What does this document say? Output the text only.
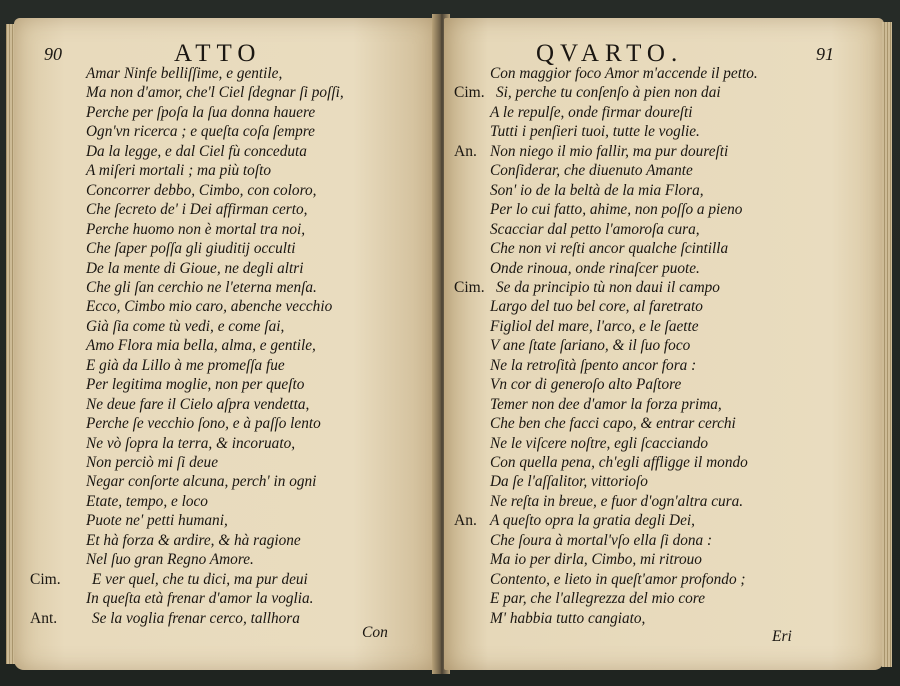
90	ATTO
Amar Ninfe belliſſime, e gentile,
Ma non d'amor, che'l Ciel ſdegnar ſi poſſi,
Perche per ſpoſa la ſua donna hauere
Ogn'vn ricerca ; e queſta coſa ſempre
Da la legge, e dal Ciel fù conceduta
A miſeri mortali ; ma più toſto
Concorrer debbo, Cimbo, con coloro,
Che ſecreto de' i Dei affirman certo,
Perche huomo non è mortal tra noi,
Che ſaper poſſa gli giuditij occulti
De la mente di Gioue, ne degli altri
Che gli ſan cerchio ne l'eterna menſa.
Ecco, Cimbo mio caro, abenche vecchio
Già ſia come tù vedi, e come ſai,
Amo Flora mia bella, alma, e gentile,
E già da Lillo à me promeſſa fue
Per legitima moglie, non per queſto
Ne deue fare il Cielo aſpra vendetta,
Perche ſe vecchio ſono, e à paſſo lento
Ne vò ſopra la terra, & incoruato,
Non perciò mi ſi deue
Negar conſorte alcuna, perch' in ogni
Etate, tempo, e loco
Puote ne' petti humani,
Et hà forza & ardire, & hà ragione
Nel ſuo gran Regno Amore.
Cim. E ver quel, che tu dici, ma pur deui
In queſta età frenar d'amor la voglia.
Ant. Se la voglia frenar cerco, tallhora
Con
QVARTO.	91
Con maggior foco Amor m'accende il petto.
Cim. Si, perche tu conſenſo à pien non dai
A le repulſe, onde firmar doureſti
Tutti i penſieri tuoi, tutte le voglie.
An. Non niego il mio fallir, ma pur doureſti
Conſiderar, che diuenuto Amante
Son' io de la beltà de la mia Flora,
Per lo cui fatto, ahime, non poſſo a pieno
Scacciar dal petto l'amoroſa cura,
Che non vi reſti ancor qualche ſcintilla
Onde rinoua, onde rinaſcer puote.
Cim. Se da principio tù non daui il campo
Largo del tuo bel core, al faretrato
Figliol del mare, l'arco, e le ſaette
V ane ſtate ſariano, & il ſuo foco
Ne la retroſità ſpento ancor fora :
Vn cor di generoſo alto Paſtore
Temer non dee d'amor la forza prima,
Che ben che facci capo, & entrar cerchi
Ne le viſcere noſtre, egli ſcacciando
Con quella pena, ch'egli affligge il mondo
Da ſe l'aſſalitor, vittorioſo
Ne reſta in breue, e fuor d'ogn'altra cura.
An. A queſto opra la gratia degli Dei,
Che ſoura à mortal'vſo ella ſi dona :
Ma io per dirla, Cimbo, mi ritrouo
Contento, e lieto in queſt'amor profondo ;
E par, che l'allegrezza del mio core
M' habbia tutto cangiato,
Eri
